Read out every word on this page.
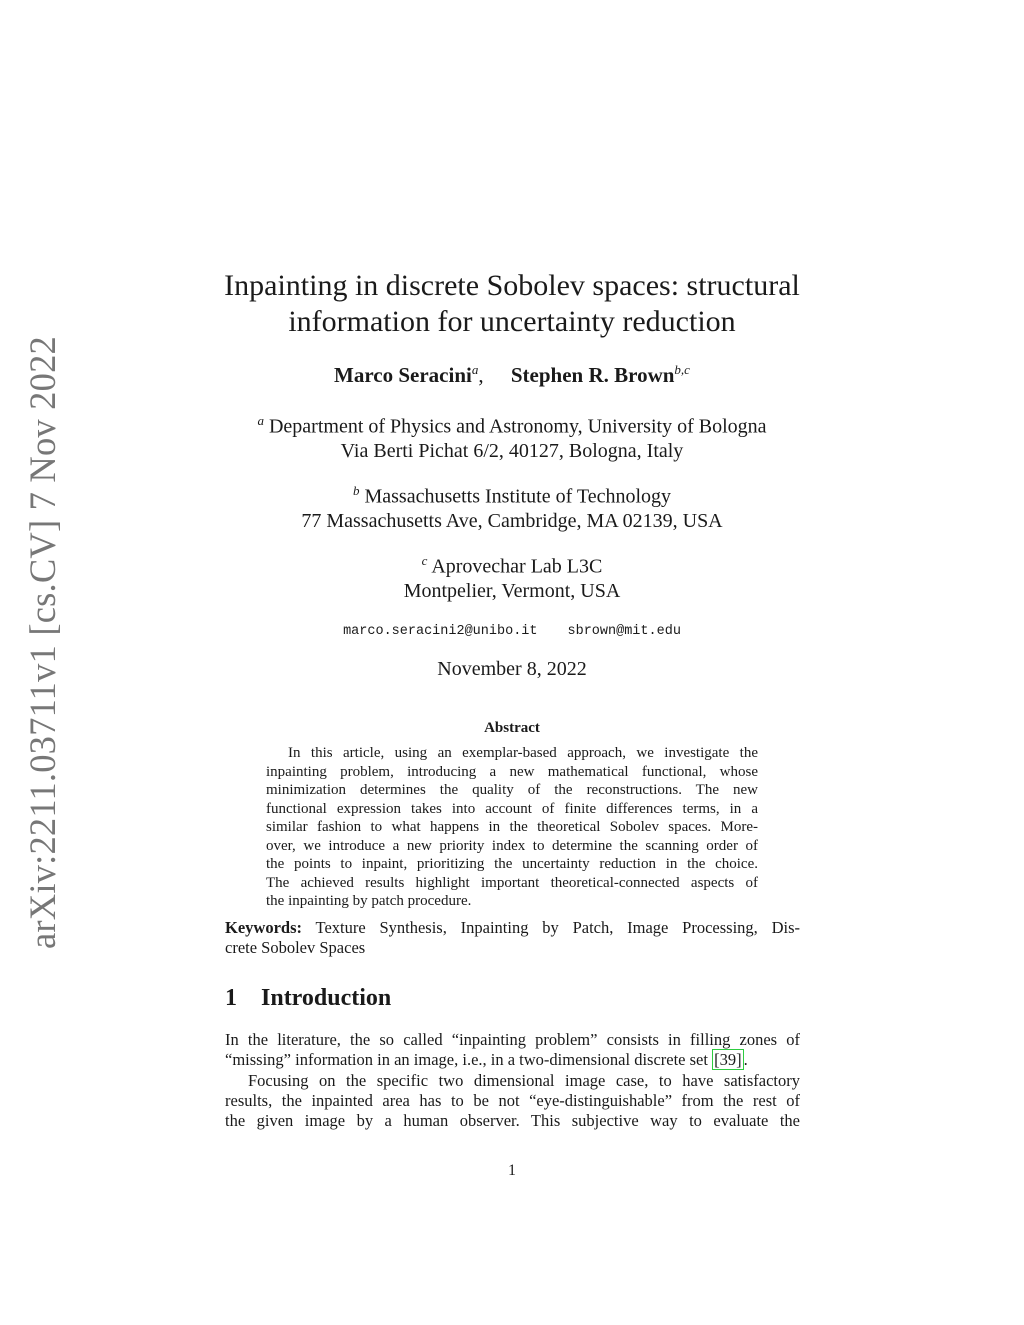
arXiv:2211.03711v1 [cs.CV] 7 Nov 2022
Inpainting in discrete Sobolev spaces: structural
information for uncertainty reduction
Marco Seracini$^a$, Stephen R. Brown$^{b,c}$
$^a$ Department of Physics and Astronomy, University of Bologna
Via Berti Pichat 6/2, 40127, Bologna, Italy
$^b$ Massachusetts Institute of Technology
77 Massachusetts Ave, Cambridge, MA 02139, USA
$^c$ Aprovechar Lab L3C
Montpelier, Vermont, USA
marco.seracini2@unibo.it sbrown@mit.edu
November 8, 2022
Abstract
In this article, using an exemplar-based approach, we investigate the
inpainting problem, introducing a new mathematical functional, whose
minimization determines the quality of the reconstructions. The new
functional expression takes into account of finite differences terms, in a
similar fashion to what happens in the theoretical Sobolev spaces. More-
over, we introduce a new priority index to determine the scanning order of
the points to inpaint, prioritizing the uncertainty reduction in the choice.
The achieved results highlight important theoretical-connected aspects of
the inpainting by patch procedure.
Keywords: Texture Synthesis, Inpainting by Patch, Image Processing, Dis-
crete Sobolev Spaces
1 Introduction
In the literature, the so called “inpainting problem” consists in filling zones of
“missing” information in an image, i.e., in a two-dimensional discrete set [39] .
Focusing on the specific two dimensional image case, to have satisfactory
results, the inpainted area has to be not “eye-distinguishable” from the rest of
the given image by a human observer. This subjective way to evaluate the
1
